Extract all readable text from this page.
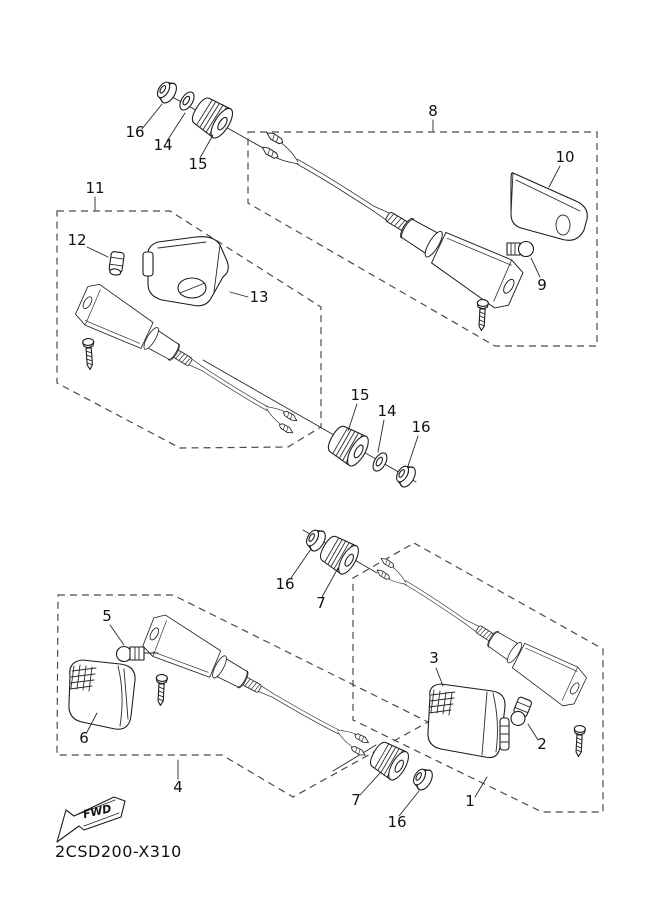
16
14
15
8
10
9
11
12
13
15
14
16
16
7
5
6
4
3
2
1
7
16
FWD
2CSD200-X310
